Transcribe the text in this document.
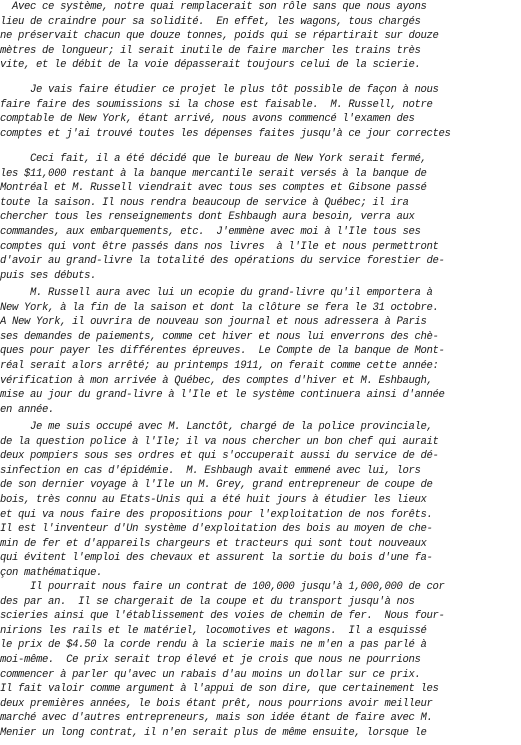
Avec ce système, notre quai remplacerait son rôle sans que nous ayons
lieu de craindre pour sa solidité.  En effet, les wagons, tous chargés
ne préservait chacun que douze tonnes, poids qui se répartirait sur douze
mètres de longueur; il serait inutile de faire marcher les trains très
vite, et le débit de la voie dépasserait toujours celui de la scierie.
Je vais faire étudier ce projet le plus tôt possible de façon à nous
faire faire des soumissions si la chose est faisable.  M. Russell, notre
comptable de New York, étant arrivé, nous avons commencé l'examen des
comptes et j'ai trouvé toutes les dépenses faites jusqu'à ce jour correctes
Ceci fait, il a été décidé que le bureau de New York serait fermé,
les $11,000 restant à la banque mercantile serait versés à la banque de
Montréal et M. Russell viendrait avec tous ses comptes et Gibsone passé
toute la saison. Il nous rendra beaucoup de service à Québec; il ira
chercher tous les renseignements dont Eshbaugh aura besoin, verra aux
commandes, aux embarquements, etc.  J'emmène avec moi à l'Ile tous ses
comptes qui vont être passés dans nos livres  à l'Ile et nous permettront
d'avoir au grand-livre la totalité des opérations du service forestier de-
puis ses débuts.
M. Russell aura avec lui un ecopie du grand-livre qu'il emportera à
New York, à la fin de la saison et dont la clôture se fera le 31 octobre.
A New York, il ouvrira de nouveau son journal et nous adressera à Paris
ses demandes de paiements, comme cet hiver et nous lui enverrons des chè-
ques pour payer les différentes épreuves.  Le Compte de la banque de Mont-
réal serait alors arrêté; au printemps 1911, on ferait comme cette année:
vérification à mon arrivée à Québec, des comptes d'hiver et M. Eshbaugh,
mise au jour du grand-livre à l'Ile et le système continuera ainsi d'année
en année.
Je me suis occupé avec M. Lanctôt, chargé de la police provinciale,
de la question police à l'Ile; il va nous chercher un bon chef qui aurait
deux pompiers sous ses ordres et qui s'occuperait aussi du service de dé-
sinfection en cas d'épidémie.  M. Eshbaugh avait emmené avec lui, lors
de son dernier voyage à l'Ile un M. Grey, grand entrepreneur de coupe de
bois, très connu au Etats-Unis qui a été huit jours à étudier les lieux
et qui va nous faire des propositions pour l'exploitation de nos forêts.
Il est l'inventeur d'Un système d'exploitation des bois au moyen de che-
min de fer et d'appareils chargeurs et tracteurs qui sont tout nouveaux
qui évitent l'emploi des chevaux et assurent la sortie du bois d'une fa-
çon mathématique.
Il pourrait nous faire un contrat de 100,000 jusqu'à 1,000,000 de cor
des par an.  Il se chargerait de la coupe et du transport jusqu'à nos
scieries ainsi que l'établissement des voies de chemin de fer.  Nous four-
nirions les rails et le matériel, locomotives et wagons.  Il a esquissé
le prix de $4.50 la corde rendu à la scierie mais ne m'en a pas parlé à
moi-même.  Ce prix serait trop élevé et je crois que nous ne pourrions
commencer à parler qu'avec un rabais d'au moins un dollar sur ce prix.
Il fait valoir comme argument à l'appui de son dire, que certainement les
deux premières années, le bois étant prêt, nous pourrions avoir meilleur
marché avec d'autres entrepreneurs, mais son idée étant de faire avec M.
Menier un long contrat, il n'en serait plus de même ensuite, lorsque le
